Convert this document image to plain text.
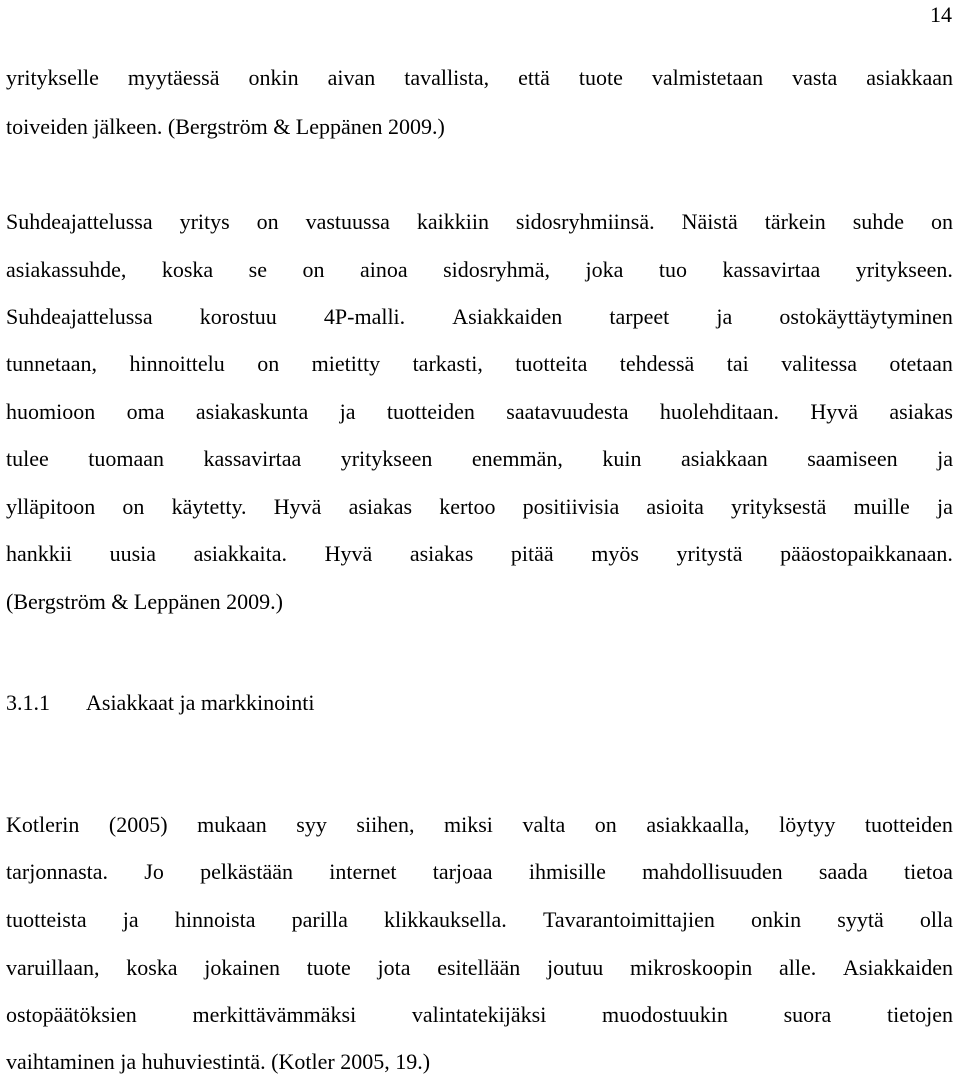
14
yritykselle myytäessä onkin aivan tavallista, että tuote valmistetaan vasta asiakkaan
toiveiden jälkeen. (Bergström & Leppänen 2009.)
Suhdeajattelussa yritys on vastuussa kaikkiin sidosryhmiinsä. Näistä tärkein suhde on
asiakassuhde, koska se on ainoa sidosryhmä, joka tuo kassavirtaa yritykseen.
Suhdeajattelussa korostuu 4P-malli. Asiakkaiden tarpeet ja ostokäyttäytyminen
tunnetaan, hinnoittelu on mietitty tarkasti, tuotteita tehdessä tai valitessa otetaan
huomioon oma asiakaskunta ja tuotteiden saatavuudesta huolehditaan. Hyvä asiakas
tulee tuomaan kassavirtaa yritykseen enemmän, kuin asiakkaan saamiseen ja
ylläpitoon on käytetty. Hyvä asiakas kertoo positiivisia asioita yrityksestä muille ja
hankkii uusia asiakkaita. Hyvä asiakas pitää myös yritystä pääostopaikkanaan.
(Bergström & Leppänen 2009.)
3.1.1 Asiakkaat ja markkinointi
Kotlerin (2005) mukaan syy siihen, miksi valta on asiakkaalla, löytyy tuotteiden
tarjonnasta. Jo pelkästään internet tarjoaa ihmisille mahdollisuuden saada tietoa
tuotteista ja hinnoista parilla klikkauksella. Tavarantoimittajien onkin syytä olla
varuillaan, koska jokainen tuote jota esitellään joutuu mikroskoopin alle. Asiakkaiden
ostopäätöksien	merkittävämmäksi	valintatekijäksi	muodostuukin	suora	tietojen
vaihtaminen ja huhuviestintä. (Kotler 2005, 19.)
